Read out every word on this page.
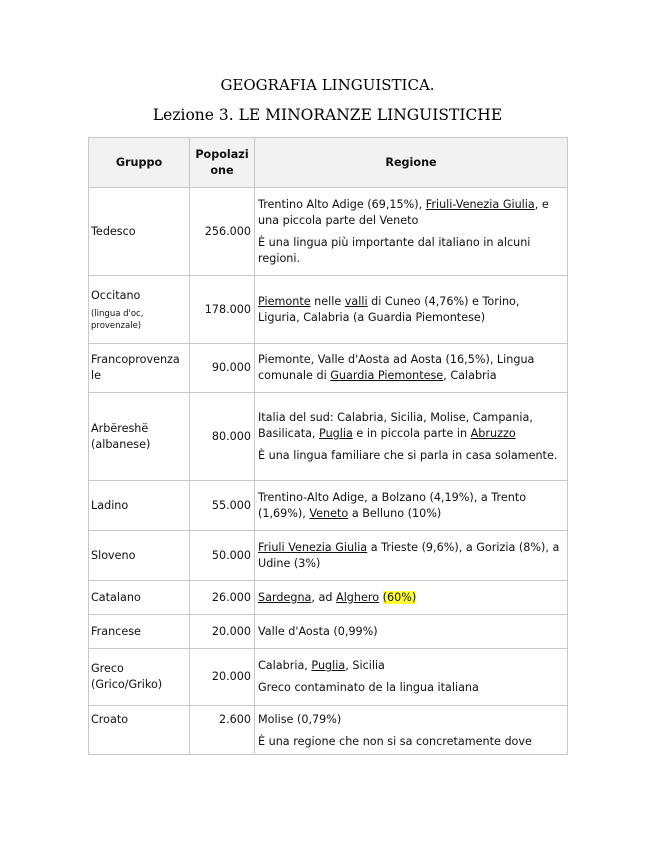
GEOGRAFIA LINGUISTICA.
Lezione 3. LE MINORANZE LINGUISTICHE
Gruppo	Popolazi one	Regione
Tedesco	256.000	Trentino Alto Adige (69,15%), Friuli-Venezia Giulia, e una piccola parte del Veneto

È una lingua più importante dal italiano in alcuni regioni.

Occitano
(lingua d'oc, provenzale)	178.000	Piemonte nelle valli di Cuneo (4,76%) e Torino, Liguria, Calabria (a Guardia Piemontese)

Francoprovenza
le	90.000	Piemonte, Valle d'Aosta ad Aosta (16,5%), Lingua comunale di Guardia Piemontese, Calabria

Arbëreshë (albanese)	80.000	Italia del sud: Calabria, Sicilia, Molise, Campania, Basilicata, Puglia e in piccola parte in Abruzzo

È una lingua familiare che si parla in casa solamente.

Ladino	55.000	Trentino-Alto Adige, a Bolzano (4,19%), a Trento (1,69%), Veneto a Belluno (10%)

Sloveno	50.000	Friuli Venezia Giulia a Trieste (9,6%), a Gorizia (8%), a Udine (3%)

Catalano	26.000	Sardegna, ad Alghero (60%)

Francese	20.000	Valle d'Aosta (0,99%)

Greco (Grico/Griko)	20.000	Calabria, Puglia, Sicilia

Greco contaminato de la lingua italiana

Croato	2.600	Molise (0,79%)

È una regione che non si sa concretamente dove
